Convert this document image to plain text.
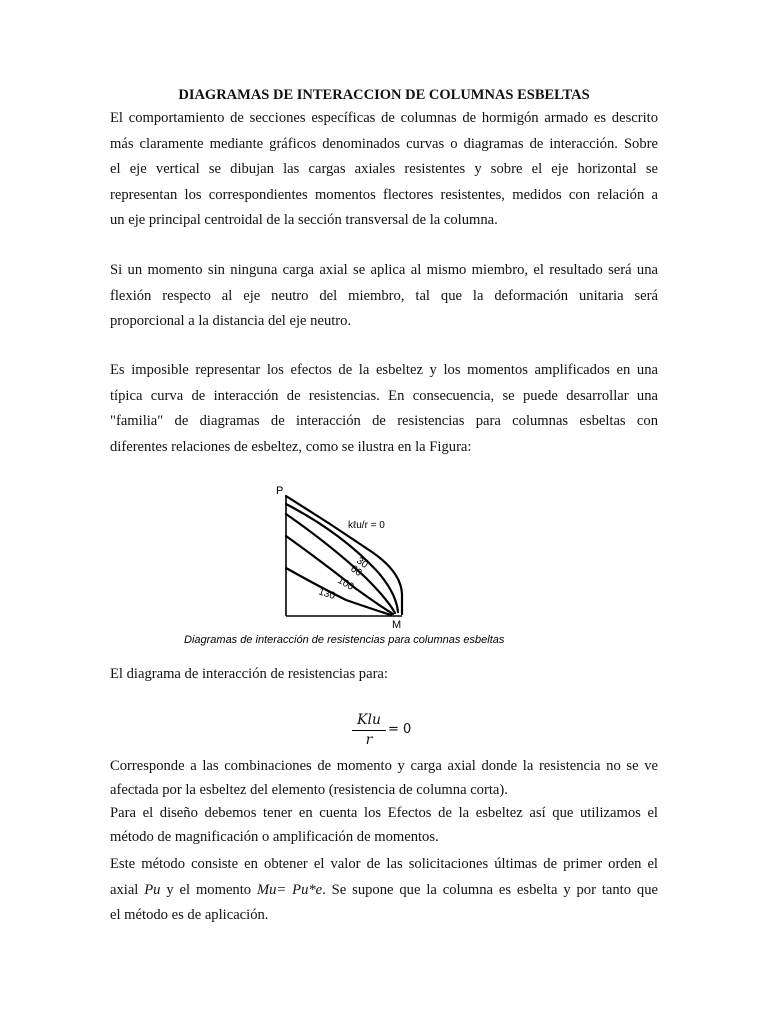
DIAGRAMAS DE INTERACCION DE COLUMNAS ESBELTAS

El comportamiento de secciones específicas de columnas de hormigón armado es descrito
más claramente mediante gráficos denominados curvas o diagramas de interacción. Sobre
el eje vertical se dibujan las cargas axiales resistentes y sobre el eje horizontal se
representan los correspondientes momentos flectores resistentes, medidos con relación a
un eje principal centroidal de la sección transversal de la columna.

Si un momento sin ninguna carga axial se aplica al mismo miembro, el resultado será una
flexión respecto al eje neutro del miembro, tal que la deformación unitaria será
proporcional a la distancia del eje neutro.

Es imposible representar los efectos de la esbeltez y los momentos amplificados en una
típica curva de interacción de resistencias. En consecuencia, se puede desarrollar una
"familia" de diagramas de interacción de resistencias para columnas esbeltas con
diferentes relaciones de esbeltez, como se ilustra en la Figura:

P
M
kℓu/r = 0
30
60
100
130
Diagramas de interacción de resistencias para columnas esbeltas

El diagrama de interacción de resistencias para:

Klu
r
= 0

Corresponde a las combinaciones de momento y carga axial donde la resistencia no se ve
afectada por la esbeltez del elemento (resistencia de columna corta).

Para el diseño debemos tener en cuenta los Efectos de la esbeltez así que utilizamos el
método de magnificación o amplificación de momentos.

Este método consiste en obtener el valor de las solicitaciones últimas de primer orden el
axial Pu y el momento Mu= Pu*e. Se supone que la columna es esbelta y por tanto que
el método es de aplicación.
